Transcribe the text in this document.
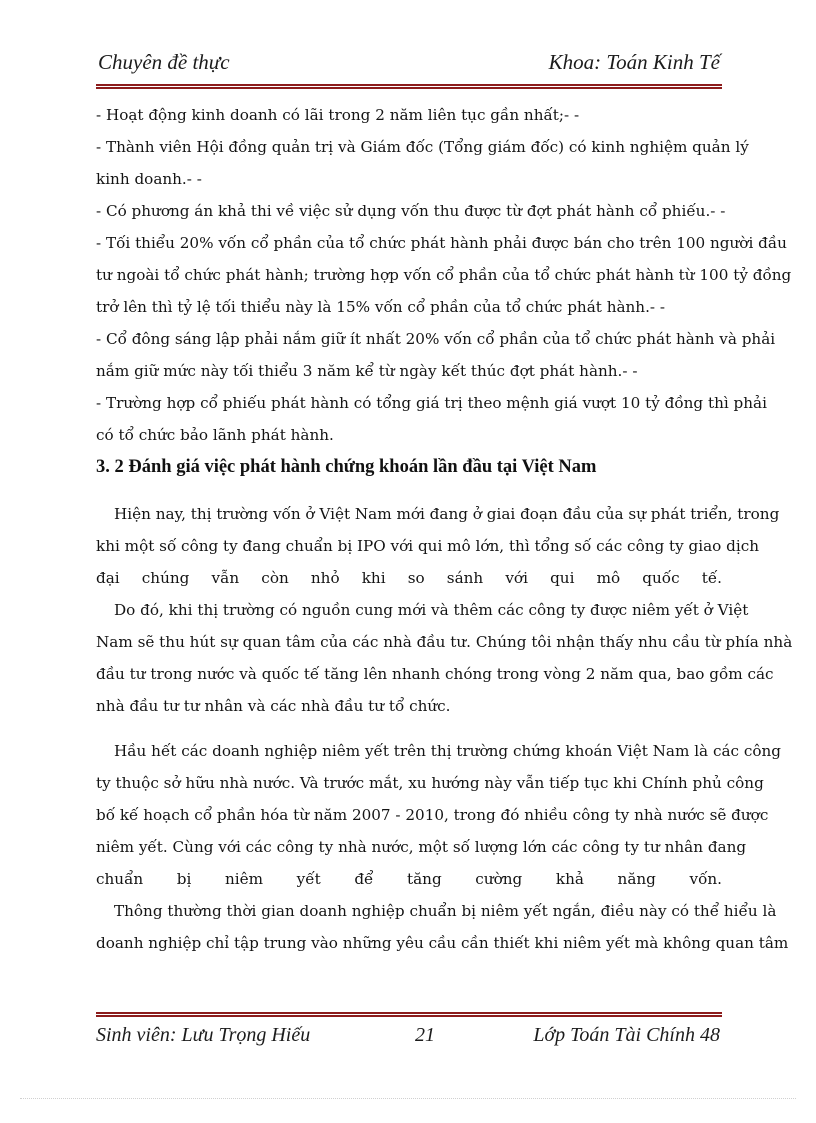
Chuyên đề thực	Khoa: Toán Kinh Tế
- Hoạt động kinh doanh có lãi trong 2 năm liên tục gần nhất;- -
- Thành viên Hội đồng quản trị và Giám đốc (Tổng giám đốc) có kinh nghiệm quản lý
kinh doanh.- -
- Có phương án khả thi về việc sử dụng vốn thu được từ đợt phát hành cổ phiếu.- -
- Tối thiểu 20% vốn cổ phần của tổ chức phát hành phải được bán cho trên 100 người đầu
tư ngoài tổ chức phát hành; trường hợp vốn cổ phần của tổ chức phát hành từ 100 tỷ đồng
trở lên thì tỷ lệ tối thiểu này là 15% vốn cổ phần của tổ chức phát hành.- -
- Cổ đông sáng lập phải nắm giữ ít nhất 20% vốn cổ phần của tổ chức phát hành và phải
nắm giữ mức này tối thiểu 3 năm kể từ ngày kết thúc đợt phát hành.- -
- Trường hợp cổ phiếu phát hành có tổng giá trị theo mệnh giá vượt 10 tỷ đồng thì phải
có tổ chức bảo lãnh phát hành.
3. 2 Đánh giá việc phát hành chứng khoán lần đầu tại Việt Nam
Hiện nay, thị trường vốn ở Việt Nam mới đang ở giai đoạn đầu của sự phát triển, trong
khi một số công ty đang chuẩn bị IPO với qui mô lớn, thì tổng số các công ty giao dịch
đại chúng vẫn còn nhỏ khi so sánh với qui mô quốc tế.
Do đó, khi thị trường có nguồn cung mới và thêm các công ty được niêm yết ở Việt
Nam sẽ thu hút sự quan tâm của các nhà đầu tư. Chúng tôi nhận thấy nhu cầu từ phía nhà
đầu tư trong nước và quốc tế tăng lên nhanh chóng trong vòng 2 năm qua, bao gồm các
nhà đầu tư tư nhân và các nhà đầu tư tổ chức.
Hầu hết các doanh nghiệp niêm yết trên thị trường chứng khoán Việt Nam là các công
ty thuộc sở hữu nhà nước. Và trước mắt, xu hướng này vẫn tiếp tục khi Chính phủ công
bố kế hoạch cổ phần hóa từ năm 2007 - 2010, trong đó nhiều công ty nhà nước sẽ được
niêm yết. Cùng với các công ty nhà nước, một số lượng lớn các công ty tư nhân đang
chuẩn bị niêm yết để tăng cường khả năng vốn.
Thông thường thời gian doanh nghiệp chuẩn bị niêm yết ngắn, điều này có thể hiểu là
doanh nghiệp chỉ tập trung vào những yêu cầu cần thiết khi niêm yết mà không quan tâm
Sinh viên: Lưu Trọng Hiếu	21	Lớp Toán Tài Chính 48
